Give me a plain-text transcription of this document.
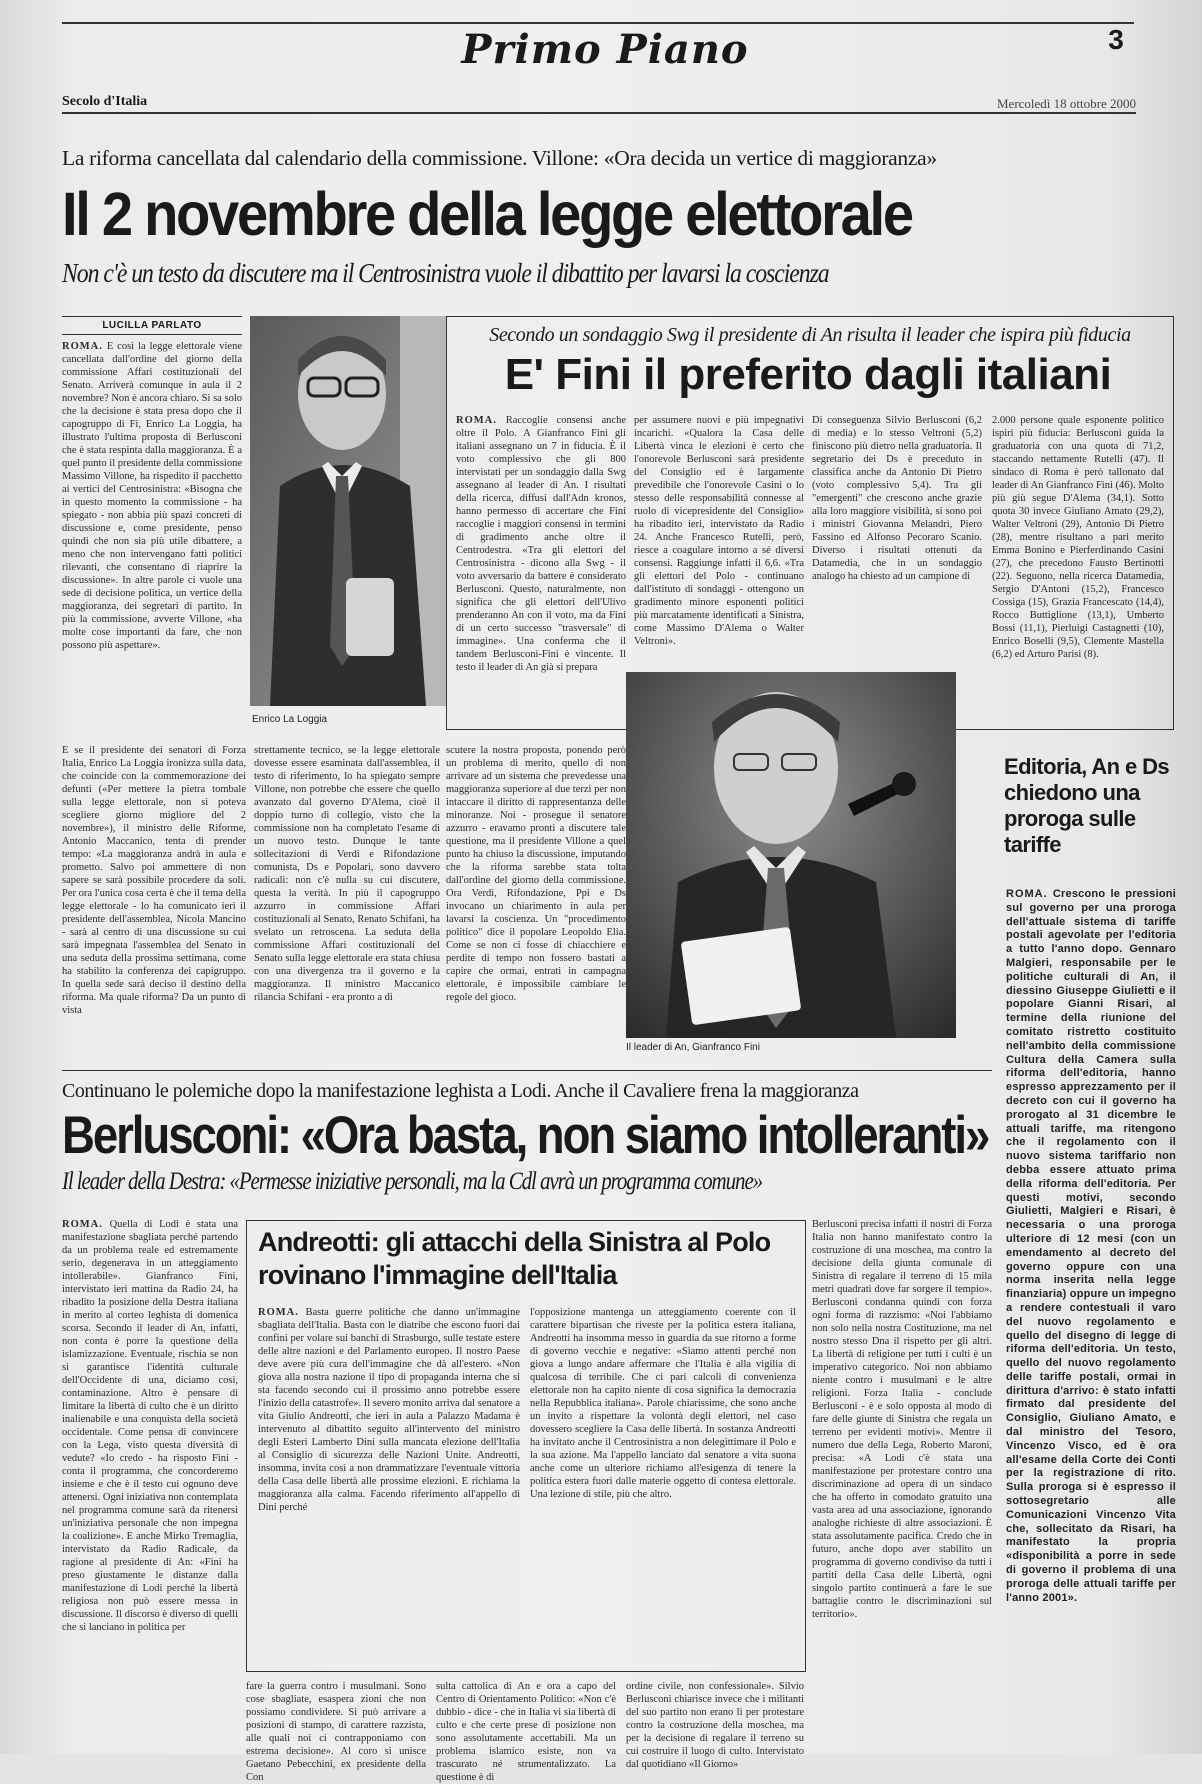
Primo Piano	3
Secolo d'Italia	Mercoledì 18 ottobre 2000
La riforma cancellata dal calendario della commissione. Villone: «Ora decida un vertice di maggioranza»
Il 2 novembre della legge elettorale
Non c'è un testo da discutere ma il Centrosinistra vuole il dibattito per lavarsi la coscienza
LUCILLA PARLATO
ROMA. E così la legge elettorale viene cancellata dall'ordine del giorno della commissione Affari costituzionali del Senato. Arriverà comunque in aula il 2 novembre? Non è ancora chiaro. Si sa solo che la decisione è stata presa dopo che il capogruppo di Fi, Enrico La Loggia, ha illustrato l'ultima proposta di Berlusconi che è stata respinta dalla maggioranza. È a quel punto il presidente della commissione Massimo Villone, ha rispedito il pacchetto ai vertici del Centrosinistra: «Bisogna che in questo momento la commissione - ha spiegato - non abbia più spazi concreti di discussione e, come presidente, penso quindi che non sia più utile dibattere, a meno che non intervengano fatti politici rilevanti, che consentano di riaprire la discussione». In altre parole ci vuole una sede di decisione politica, un vertice della maggioranza, dei segretari di partito. In più la commissione, avverte Villone, «ha molte cose importanti da fare, che non possono più aspettare».
Enrico La Loggia
E se il presidente dei senatori di Forza Italia, Enrico La Loggia ironizza sulla data, che coincide con la commemorazione dei defunti («Per mettere la pietra tombale sulla legge elettorale, non si poteva scegliere giorno migliore del 2 novembre»), il ministro delle Riforme, Antonio Maccanico, tenta di prender tempo: «La maggioranza andrà in aula e prometto. Salvo poi ammettere di non sapere se sarà possibile procedere da soli. Per ora l'unica cosa certa è che il tema della legge elettorale - lo ha comunicato ieri il presidente dell'assemblea, Nicola Mancino - sarà al centro di una discussione su cui sarà impegnata l'assemblea del Senato in una seduta della prossima settimana, come ha stabilito la conferenza dei capigruppo. In quella sede sarà deciso il destino della riforma. Ma quale riforma? Da un punto di vista
strettamente tecnico, se la legge elettorale dovesse essere esaminata dall'assemblea, il testo di riferimento, lo ha spiegato sempre Villone, non potrebbe che essere che quello avanzato dal governo D'Alema, cioè il doppio turno di collegio, visto che la commissione non ha completato l'esame di un nuovo testo. Dunque le tante sollecitazioni di Verdi e Rifondazione comunista, Ds e Popolari, sono davvero radicali: non c'è nulla su cui discutere, questa la verità. In più il capogruppo azzurro in commissione Affari costituzionali al Senato, Renato Schifani, ha svelato un retroscena. La seduta della commissione Affari costituzionali del Senato sulla legge elettorale era stata chiusa con una divergenza tra il governo e la maggioranza. Il ministro Maccanico rilancia Schifani - era pronto a di
scutere la nostra proposta, ponendo però un problema di merito, quello di non arrivare ad un sistema che prevedesse una maggioranza superiore al due terzi per non intaccare il diritto di rappresentanza delle minoranze. Noi - prosegue il senatore azzurro - eravamo pronti a discutere tale questione, ma il presidente Villone a quel punto ha chiuso la discussione, imputando che la riforma sarebbe stata tolta dall'ordine del giorno della commissione. Ora Verdi, Rifondazione, Ppi e Ds invocano un chiarimento in aula per lavarsi la coscienza. Un "procedimento politico" dice il popolare Leopoldo Elia. Come se non ci fosse di chiacchiere e perdite di tempo non fossero bastati a capire che ormai, entrati in campagna elettorale, è impossibile cambiare le regole del gioco.
Secondo un sondaggio Swg il presidente di An risulta il leader che ispira più fiducia
E' Fini il preferito dagli italiani
ROMA. Raccoglie consensi anche oltre il Polo. A Gianfranco Fini gli italiani assegnano un 7 in fiducia. È il voto complessivo che gli 800 intervistati per un sondaggio dalla Swg assegnano al leader di An. I risultati della ricerca, diffusi dall'Adn kronos, hanno permesso di accertare che Fini raccoglie i maggiori consensi in termini di gradimento anche oltre il Centrodestra. «Tra gli elettori del Centrosinistra - dicono alla Swg - il voto avversario da battere è considerato Berlusconi. Questo, naturalmente, non significa che gli elettori dell'Ulivo prenderanno An con il voto, ma da Fini di un certo successo "trasversale" di immagine». Una conferma che il tandem Berlusconi-Fini è vincente. Il testo il leader di An già si prepara
per assumere nuovi e più impegnativi incarichi. «Qualora la Casa delle Libertà vinca le elezioni è certo che l'onorevole Berlusconi sarà presidente del Consiglio ed è largamente prevedibile che l'onorevole Casini o lo stesso delle responsabilità connesse al ruolo di vicepresidente del Consiglio» ha ribadito ieri, intervistato da Radio 24. Anche Francesco Rutelli, però, riesce a coagulare intorno a sé diversi consensi. Raggiunge infatti il 6,6. «Tra gli elettori del Polo - continuano dall'istituto di sondaggi - ottengono un gradimento minore esponenti politici più marcatamente identificati a Sinistra, come Massimo D'Alema o Walter Veltroni».
Di conseguenza Silvio Berlusconi (6,2 di media) e lo stesso Veltroni (5,2) finiscono più dietro nella graduatoria. Il segretario dei Ds è preceduto in classifica anche da Antonio Di Pietro (voto complessivo 5,4). Tra gli "emergenti" che crescono anche grazie alla loro maggiore visibilità, si sono poi i ministri Giovanna Melandri, Piero Fassino ed Alfonso Pecoraro Scanio. Diverso i risultati ottenuti da Datamedia, che in un sondaggio analogo ha chiesto ad un campione di
2.000 persone quale esponente politico ispiri più fiducia: Berlusconi guida la graduatoria con una quota di 71,2, staccando nettamente Rutelli (47). Il sindaco di Roma è però tallonato dal leader di An Gianfranco Fini (46). Molto più giù segue D'Alema (34,1). Sotto quota 30 invece Giuliano Amato (29,2), Walter Veltroni (29), Antonio Di Pietro (28), mentre risultano a pari merito Emma Bonino e Pierferdinando Casini (27), che precedono Fausto Bertinotti (22). Seguono, nella ricerca Datamedia, Sergio D'Antoni (15,2), Francesco Cossiga (15), Grazia Francescato (14,4), Rocco Buttiglione (13,1), Umberto Bossi (11,1), Pierluigi Castagnetti (10), Enrico Boselli (9,5), Clemente Mastella (6,2) ed Arturo Parisi (8).
Il leader di An, Gianfranco Fini
Editoria, An e Ds chiedono una proroga sulle tariffe
ROMA. Crescono le pressioni sul governo per una proroga dell'attuale sistema di tariffe postali agevolate per l'editoria a tutto l'anno dopo. Gennaro Malgieri, responsabile per le politiche culturali di An, il diessino Giuseppe Giulietti e il popolare Gianni Risari, al termine della riunione del comitato ristretto costituito nell'ambito della commissione Cultura della Camera sulla riforma dell'editoria, hanno espresso apprezzamento per il decreto con cui il governo ha prorogato al 31 dicembre le attuali tariffe, ma ritengono che il regolamento con il nuovo sistema tariffario non debba essere attuato prima della riforma dell'editoria. Per questi motivi, secondo Giulietti, Malgieri e Risari, è necessaria o una proroga ulteriore di 12 mesi (con un emendamento al decreto del governo oppure con una norma inserita nella legge finanziaria) oppure un impegno a rendere contestuali il varo del nuovo regolamento e quello del disegno di legge di riforma dell'editoria. Un testo, quello del nuovo regolamento delle tariffe postali, ormai in dirittura d'arrivo: è stato infatti firmato dal presidente del Consiglio, Giuliano Amato, e dal ministro del Tesoro, Vincenzo Visco, ed è ora all'esame della Corte dei Conti per la registrazione di rito. Sulla proroga si è espresso il sottosegretario alle Comunicazioni Vincenzo Vita che, sollecitato da Risari, ha manifestato la propria «disponibilità a porre in sede di governo il problema di una proroga delle attuali tariffe per l'anno 2001».
Continuano le polemiche dopo la manifestazione leghista a Lodi. Anche il Cavaliere frena la maggioranza
Berlusconi: «Ora basta, non siamo intolleranti»
Il leader della Destra: «Permesse iniziative personali, ma la Cdl avrà un programma comune»
ROMA. Quella di Lodi è stata una manifestazione sbagliata perché partendo da un problema reale ed estremamente serio, degenerava in un atteggiamento intollerabile». Gianfranco Fini, intervistato ieri mattina da Radio 24, ha ribadito la posizione della Destra italiana in merito al corteo leghista di domenica scorsa. Secondo il leader di An, infatti, non conta è porre la questione della islamizzazione. Eventuale, rischia se non si garantisce l'identità culturale dell'Occidente di una, diciamo così, contaminazione. Altro è pensare di limitare la libertà di culto che è un diritto inalienabile e una conquista della società occidentale. Come pensa di convincere con la Lega, visto questa diversità di vedute? «Io credo - ha risposto Fini - conta il programma, che concorderemo insieme e che è il testo cui ognuno deve attenersi. Ogni iniziativa non contemplata nel programma comune sarà da ritenersi un'iniziativa personale che non impegna la coalizione». E anche Mirko Tremaglia, intervistato da Radio Radicale, da ragione al presidente di An: «Fini ha preso giustamente le distanze dalla manifestazione di Lodi perché la libertà religiosa non può essere messa in discussione. Il discorso è diverso di quelli che si lanciano in politica per
Andreotti: gli attacchi della Sinistra al Polo rovinano l'immagine dell'Italia
ROMA. Basta guerre politiche che danno un'immagine sbagliata dell'Italia. Basta con le diatribe che escono fuori dai confini per volare sui banchi di Strasburgo, sulle testate estere delle altre nazioni e del Parlamento europeo. Il nostro Paese deve avere più cura dell'immagine che dà all'estero. «Non giova alla nostra nazione il tipo di propaganda interna che si sta facendo secondo cui il prossimo anno potrebbe essere l'inizio della catastrofe». Il severo monito arriva dal senatore a vita Giulio Andreotti, che ieri in aula a Palazzo Madama è intervenuto al dibattito seguito all'intervento del ministro degli Esteri Lamberto Dini sulla mancata elezione dell'Italia al Consiglio di sicurezza delle Nazioni Unite. Andreotti, insomma, invita così a non drammatizzare l'eventuale vittoria della Casa delle libertà alle prossime elezioni. E richiama la maggioranza alla calma. Facendo riferimento all'appello di Dini perché
l'opposizione mantenga un atteggiamento coerente con il carattere bipartisan che riveste per la politica estera italiana, Andreotti ha insomma messo in guardia da sue ritorno a forme di governo vecchie e negative: «Siamo attenti perché non giova a lungo andare affermare che l'Italia è alla vigilia di qualcosa di terribile. Che ci pari calcoli di convenienza elettorale non ha capito niente di cosa significa la democrazia nella Repubblica italiana». Parole chiarissime, che sono anche un invito a rispettare la volontà degli elettori, nel caso dovessero scegliere la Casa delle libertà. In sostanza Andreotti ha invitato anche il Centrosinistra a non delegittimare il Polo e la sua azione. Ma l'appello lanciato dal senatore a vita suona anche come un ulteriore richiamo all'esigenza di tenere la politica estera fuori dalle materie oggetto di contesa elettorale. Una lezione di stile, più che altro.
Berlusconi precisa infatti il nostri di Forza Italia non hanno manifestato contro la costruzione di una moschea, ma contro la decisione della giunta comunale di Sinistra di regalare il terreno di 15 mila metri quadrati dove far sorgere il tempio». Berlusconi condanna quindi con forza ogni forma di razzismo: «Noi l'abbiamo non solo nella nostra Costituzione, ma nel nostro stesso Dna il rispetto per gli altri. La libertà di religione per tutti i culti è un imperativo categorico. Noi non abbiamo niente contro i musulmani e le altre religioni. Forza Italia - conclude Berlusconi - è e solo opposta al modo di fare delle giunte di Sinistra che regala un terreno per evidenti motivi». Mentre il numero due della Lega, Roberto Maroni, precisa: «A Lodi c'è stata una manifestazione per protestare contro una discriminazione ad opera di un sindaco che ha offerto in comodato gratuito una vasta area ad una associazione, ignorando analoghe richieste di altre associazioni. È stata assolutamente pacifica. Credo che in futuro, anche dopo aver stabilito un programma di governo condiviso da tutti i partiti della Casa delle Libertà, ogni singolo partito continuerà a fare le sue battaglie contro le discriminazioni sul territorio».
fare la guerra contro i musulmani. Sono cose sbagliate, esaspera zioni che non possiamo condividere. Si può arrivare a posizioni di stampo, di carattere razzista, alle quali noi ci contrapponiamo con estrema decisione». Al coro si unisce Gaetano Pebecchini, ex presidente della Con
sulta cattolica di An e ora a capo del Centro di Orientamento Politico: «Non c'è dubbio - dice - che in Italia vi sia libertà di culto e che certe prese di posizione non sono assolutamente accettabili. Ma un problema islamico esiste, non va trascurato né strumentalizzato. La questione è di
ordine civile, non confessionale». Silvio Berlusconi chiarisce invece che i militanti del suo partito non erano lì per protestare contro la costruzione della moschea, ma per la decisione di regalare il terreno su cui costruire il luogo di culto. Intervistato dal quotidiano «Il Giorno»
